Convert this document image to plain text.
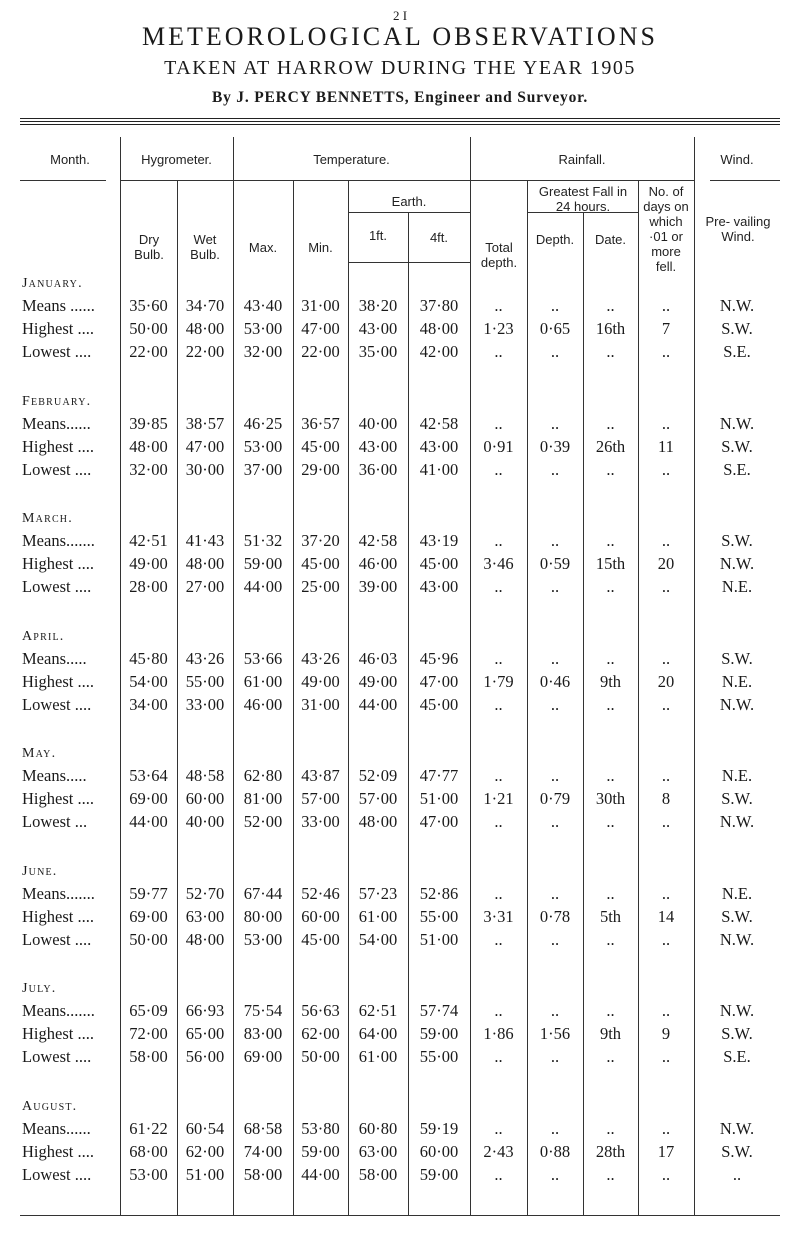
2 I
METEOROLOGICAL OBSERVATIONS
TAKEN AT HARROW DURING THE YEAR 1905
By J. PERCY BENNETTS, Engineer and Surveyor.
Month.	Hygrometer.	Temperature.	Rainfall.	Wind.
Dry Bulb.
Wet Bulb.	Max.	Min.
Earth.
1ft.	4ft.
Total depth.
Greatest Fall in 24 hours.
Depth.	Date.
No. of days on which ·01 or more fell.
Pre- vailing Wind.
January.
Means ......	35·60	34·70	43·40	31·00	38·20	37·80	..	..	..	..	N.W.
Highest ....	50·00	48·00	53·00	47·00	43·00	48·00	1·23	0·65	16th	7	S.W.
Lowest ....	22·00	22·00	32·00	22·00	35·00	42·00	..	..	..	..	S.E.
February.
Means......	39·85	38·57	46·25	36·57	40·00	42·58	..	..	..	..	N.W.
Highest ....	48·00	47·00	53·00	45·00	43·00	43·00	0·91	0·39	26th	11	S.W.
Lowest ....	32·00	30·00	37·00	29·00	36·00	41·00	..	..	..	..	S.E.
March.
Means.......	42·51	41·43	51·32	37·20	42·58	43·19	..	..	..	..	S.W.
Highest ....	49·00	48·00	59·00	45·00	46·00	45·00	3·46	0·59	15th	20	N.W.
Lowest ....	28·00	27·00	44·00	25·00	39·00	43·00	..	..	..	..	N.E.
April.
Means.....	45·80	43·26	53·66	43·26	46·03	45·96	..	..	..	..	S.W.
Highest ....	54·00	55·00	61·00	49·00	49·00	47·00	1·79	0·46	9th	20	N.E.
Lowest ....	34·00	33·00	46·00	31·00	44·00	45·00	..	..	..	..	N.W.
May.
Means.....	53·64	48·58	62·80	43·87	52·09	47·77	..	..	..	..	N.E.
Highest ....	69·00	60·00	81·00	57·00	57·00	51·00	1·21	0·79	30th	8	S.W.
Lowest ...	44·00	40·00	52·00	33·00	48·00	47·00	..	..	..	..	N.W.
June.
Means.......	59·77	52·70	67·44	52·46	57·23	52·86	..	..	..	..	N.E.
Highest ....	69·00	63·00	80·00	60·00	61·00	55·00	3·31	0·78	5th	14	S.W.
Lowest ....	50·00	48·00	53·00	45·00	54·00	51·00	..	..	..	..	N.W.
July.
Means.......	65·09	66·93	75·54	56·63	62·51	57·74	..	..	..	..	N.W.
Highest ....	72·00	65·00	83·00	62·00	64·00	59·00	1·86	1·56	9th	9	S.W.
Lowest ....	58·00	56·00	69·00	50·00	61·00	55·00	..	..	..	..	S.E.
August.
Means......	61·22	60·54	68·58	53·80	60·80	59·19	..	..	..	..	N.W.
Highest ....	68·00	62·00	74·00	59·00	63·00	60·00	2·43	0·88	28th	17	S.W.
Lowest ....	53·00	51·00	58·00	44·00	58·00	59·00	..	..	..	..	..
